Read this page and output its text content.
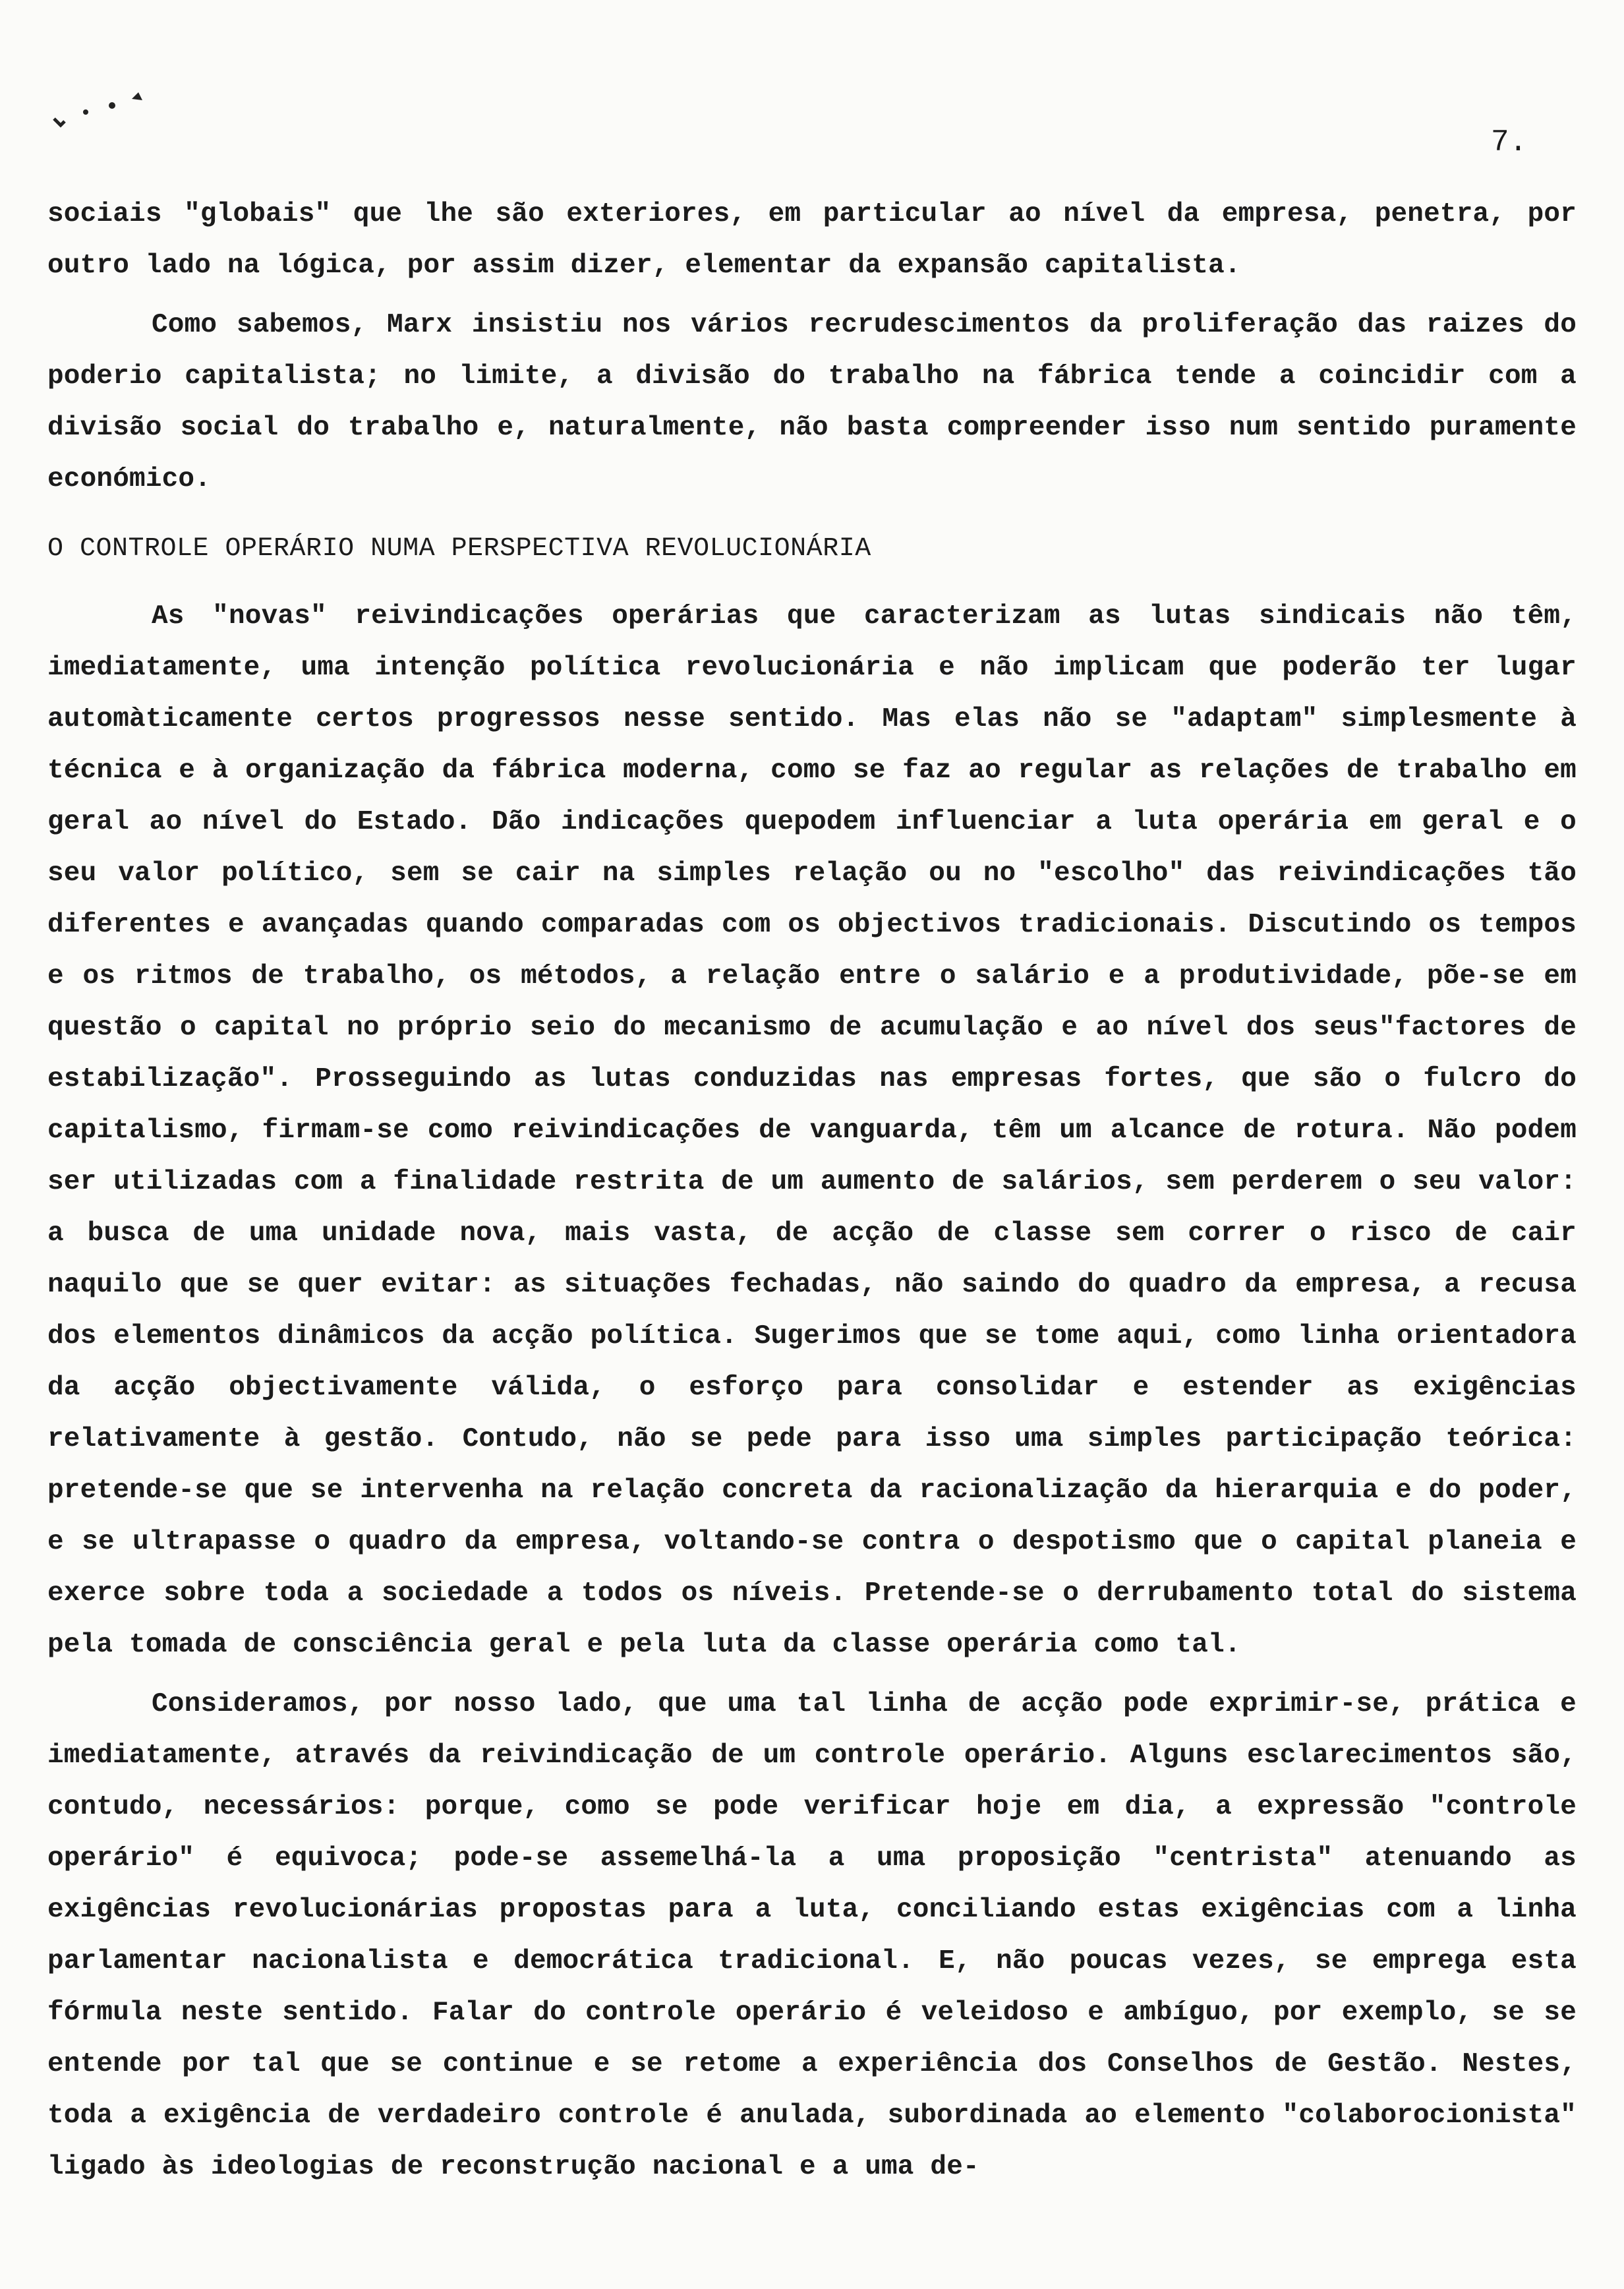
7.

sociais "globais" que lhe são exteriores, em particular ao nível da empresa, penetra, por outro lado na lógica, por assim dizer, elementar da expansão capitalista.

Como sabemos, Marx insistiu nos vários recrudescimentos da proliferação das raizes do poderio capitalista; no limite, a divisão do trabalho na fábrica tende a coincidir com a divisão social do trabalho e, naturalmente, não basta compreender isso num sentido puramente económico.

O CONTROLE OPERÁRIO NUMA PERSPECTIVA REVOLUCIONÁRIA

As "novas" reivindicações operárias que caracterizam as lutas sindicais não têm, imediatamente, uma intenção política revolucionária e não implicam que poderão ter lugar automàticamente certos progressos nesse sentido. Mas elas não se "adaptam" simplesmente à técnica e à organização da fábrica moderna, como se faz ao regular as relações de trabalho em geral ao nível do Estado. Dão indicações quepodem influenciar a luta operária em geral e o seu valor político, sem se cair na simples relação ou no "escolho" das reivindicações tão diferentes e avançadas quando comparadas com os objectivos tradicionais. Discutindo os tempos e os ritmos de trabalho, os métodos, a relação entre o salário e a produtividade, põe-se em questão o capital no próprio seio do mecanismo de acumulação e ao nível dos seus"factores de estabilização". Prosseguindo as lutas conduzidas nas empresas fortes, que são o fulcro do capitalismo, firmam-se como reivindicações de vanguarda, têm um alcance de rotura. Não podem ser utilizadas com a finalidade restrita de um aumento de salários, sem perderem o seu valor: a busca de uma unidade nova, mais vasta, de acção de classe sem correr o risco de cair naquilo que se quer evitar: as situações fechadas, não saindo do quadro da empresa, a recusa dos elementos dinâmicos da acção política. Sugerimos que se tome aqui, como linha orientadora da acção objectivamente válida, o esforço para consolidar e estender as exigências relativamente à gestão. Contudo, não se pede para isso uma simples participação teórica: pretende-se que se intervenha na relação concreta da racionalização da hierarquia e do poder, e se ultrapasse o quadro da empresa, voltando-se contra o despotismo que o capital planeia e exerce sobre toda a sociedade a todos os níveis. Pretende-se o derrubamento total do sistema pela tomada de consciência geral e pela luta da classe operária como tal.

Consideramos, por nosso lado, que uma tal linha de acção pode exprimir-se, prática e imediatamente, através da reivindicação de um controle operário. Alguns esclarecimentos são, contudo, necessários: porque, como se pode verificar hoje em dia, a expressão "controle operário" é equivoca; pode-se assemelhá-la a uma proposição "centrista" atenuando as exigências revolucionárias propostas para a luta, conciliando estas exigências com a linha parlamentar nacionalista e democrática tradicional. E, não poucas vezes, se emprega esta fórmula neste sentido. Falar do controle operário é veleidoso e ambíguo, por exemplo, se se entende por tal que se continue e se retome a experiência dos Conselhos de Gestão. Nestes, toda a exigência de verdadeiro controle é anulada, subordinada ao elemento "colaborocionista" ligado às ideologias de reconstrução nacional e a uma de-
